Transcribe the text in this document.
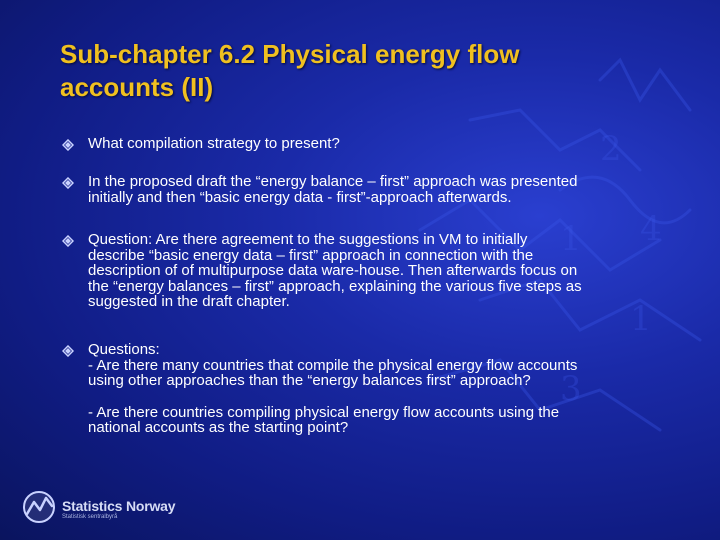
2
4
1
1
3
Sub-chapter 6.2 Physical energy flow
accounts (II)
What compilation strategy to present?
In the proposed draft the “energy balance – first” approach was presented
initially and then “basic energy data - first”-approach afterwards.
Question: Are there agreement to the suggestions in VM to initially
describe “basic energy data – first” approach in connection with the
description of of multipurpose data ware-house. Then afterwards focus on
the “energy balances – first” approach, explaining the various five steps as
suggested in the draft chapter.
Questions:
- Are there many countries that compile the physical energy flow accounts
using other approaches than the “energy balances first” approach?
- Are there countries compiling physical energy flow accounts using the
national accounts as the starting point?
Statistics Norway
Statistisk sentralbyrå
